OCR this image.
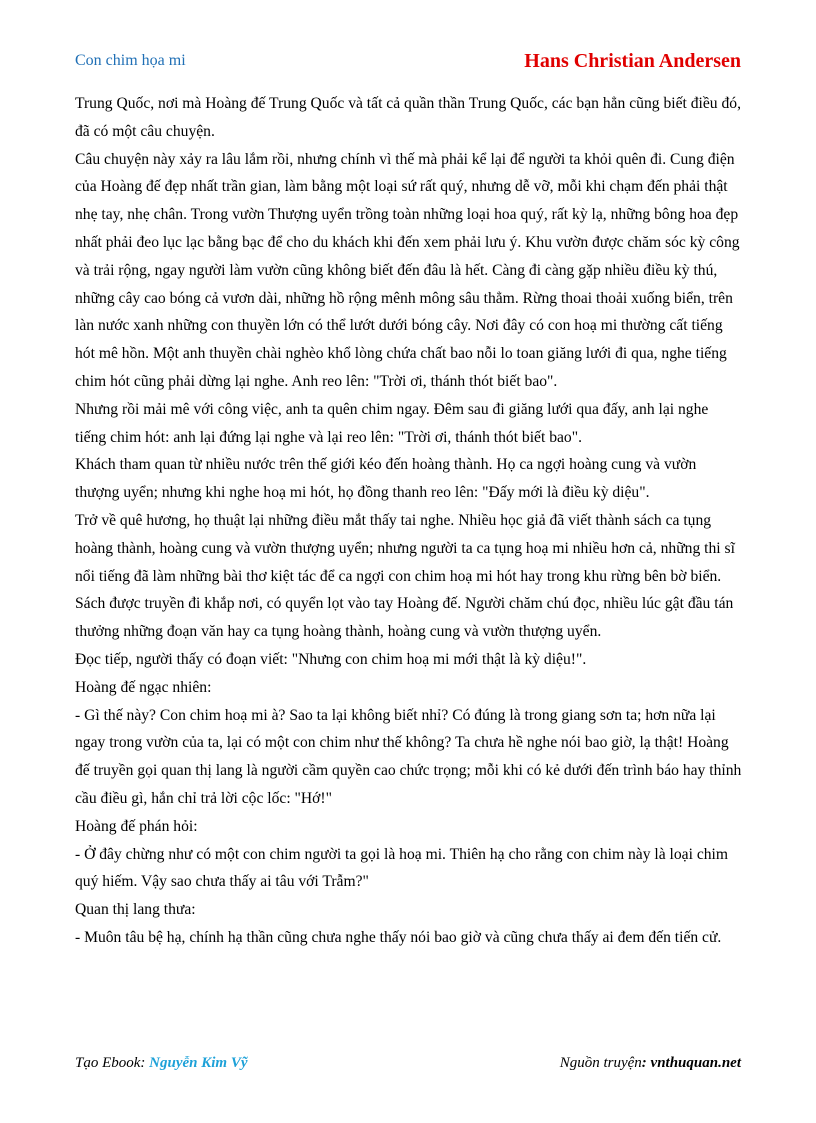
Con chim họa mi	Hans Christian Andersen

Trung Quốc, nơi mà Hoàng đế Trung Quốc và tất cả quần thần Trung Quốc, các bạn hẳn cũng biết điều đó, đã có một câu chuyện.

Câu chuyện này xảy ra lâu lắm rồi, nhưng chính vì thế mà phải kể lại để người ta khỏi quên đi. Cung điện của Hoàng đế đẹp nhất trần gian, làm bằng một loại sứ rất quý, nhưng dễ vỡ, mỗi khi chạm đến phải thật nhẹ tay, nhẹ chân. Trong vườn Thượng uyển trồng toàn những loại hoa quý, rất kỳ lạ, những bông hoa đẹp nhất phải đeo lục lạc bằng bạc để cho du khách khi đến xem phải lưu ý. Khu vườn được chăm sóc kỳ công và trải rộng, ngay người làm vườn cũng không biết đến đâu là hết. Càng đi càng gặp nhiều điều kỳ thú, những cây cao bóng cả vươn dài, những hồ rộng mênh mông sâu thẳm. Rừng thoai thoải xuống biển, trên làn nước xanh những con thuyền lớn có thể lướt dưới bóng cây. Nơi đây có con hoạ mi thường cất tiếng hót mê hồn. Một anh thuyền chài nghèo khổ lòng chứa chất bao nỗi lo toan giăng lưới đi qua, nghe tiếng chim hót cũng phải dừng lại nghe. Anh reo lên: "Trời ơi, thánh thót biết bao".

Nhưng rồi mải mê với công việc, anh ta quên chim ngay. Đêm sau đi giăng lưới qua đấy, anh lại nghe tiếng chim hót: anh lại đứng lại nghe và lại reo lên: "Trời ơi, thánh thót biết bao".

Khách tham quan từ nhiều nước trên thế giới kéo đến hoàng thành. Họ ca ngợi hoàng cung và vườn thượng uyển; nhưng khi nghe hoạ mi hót, họ đồng thanh reo lên: "Đấy mới là điều kỳ diệu".

Trở về quê hương, họ thuật lại những điều mắt thấy tai nghe. Nhiều học giả đã viết thành sách ca tụng hoàng thành, hoàng cung và vườn thượng uyển; nhưng người ta ca tụng hoạ mi nhiều hơn cả, những thi sĩ nổi tiếng đã làm những bài thơ kiệt tác để ca ngợi con chim hoạ mi hót hay trong khu rừng bên bờ biển. Sách được truyền đi khắp nơi, có quyển lọt vào tay Hoàng đế. Người chăm chú đọc, nhiều lúc gật đầu tán thưởng những đoạn văn hay ca tụng hoàng thành, hoàng cung và vườn thượng uyển.

Đọc tiếp, người thấy có đoạn viết: "Nhưng con chim hoạ mi mới thật là kỳ diệu!".

Hoàng đế ngạc nhiên:

- Gì thế này? Con chim hoạ mi à? Sao ta lại không biết nhỉ? Có đúng là trong giang sơn ta; hơn nữa lại ngay trong vườn của ta, lại có một con chim như thế không? Ta chưa hề nghe nói bao giờ, lạ thật! Hoàng đế truyền gọi quan thị lang là người cầm quyền cao chức trọng; mỗi khi có kẻ dưới đến trình báo hay thỉnh cầu điều gì, hắn chỉ trả lời cộc lốc: "Hớ!"

Hoàng đế phán hỏi:

- Ở đây chừng như có một con chim người ta gọi là hoạ mi. Thiên hạ cho rằng con chim này là loại chim quý hiếm. Vậy sao chưa thấy ai tâu với Trẫm?"

Quan thị lang thưa:

- Muôn tâu bệ hạ, chính hạ thần cũng chưa nghe thấy nói bao giờ và cũng chưa thấy ai đem đến tiến cử.

Tạo Ebook: Nguyễn Kim Vỹ	Nguồn truyện: vnthuquan.net
